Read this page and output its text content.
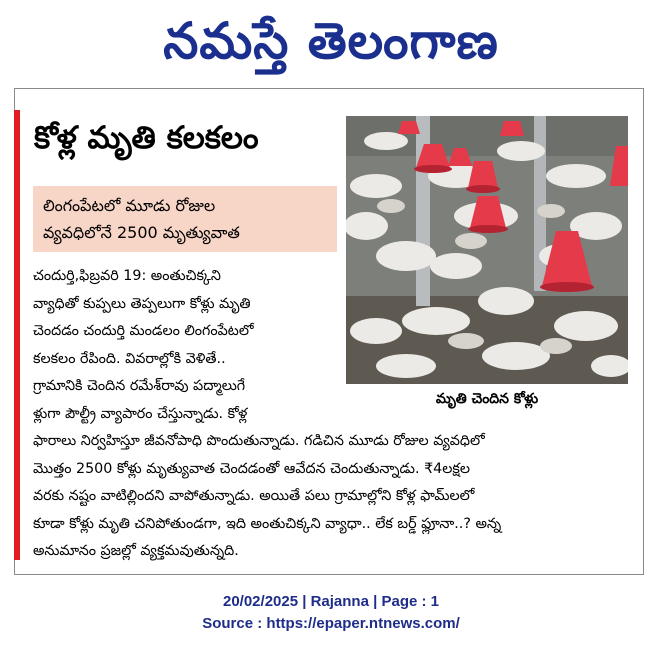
నమస్తే తెలంగాణ
కోళ్ల మృతి కలకలం
లింగంపేటలో మూడు రోజుల
వ్యవధిలోనే 2500 మృత్యువాత
మృతి చెందిన కోళ్లు
చందుర్తి,ఫిబ్రవరి 19: అంతుచిక్కని
వ్యాధితో కుప్పలు తెప్పలుగా కోళ్లు మృతి
చెందడం చందుర్తి మండలం లింగంపేటలో
కలకలం రేపింది. వివరాల్లోకి వెళితే..
గ్రామానికి చెందిన రమేశ్‌రావు పద్మాలుగే
ళ్లుగా పౌల్ట్రీ వ్యాపారం చేస్తున్నాడు. కోళ్ల
ఫారాలు నిర్వహిస్తూ జీవనోపాధి పొందుతున్నాడు. గడిచిన మూడు రోజుల వ్యవధిలో
మొత్తం 2500 కోళ్లు మృత్యువాత చెందడంతో ఆవేదన చెందుతున్నాడు. ₹4లక్షల
వరకు నష్టం వాటిల్లిందని వాపోతున్నాడు. అయితే పలు గ్రామాల్లోని కోళ్ల ఫామ్‌లలో
కూడా కోళ్లు మృతి చనిపోతుండగా, ఇది అంతుచిక్కని వ్యాధా.. లేక బర్డ్ ఫ్లూనా..? అన్న
అనుమానం ప్రజల్లో వ్యక్తమవుతున్నది.
20/02/2025 | Rajanna | Page : 1
Source : https://epaper.ntnews.com/
